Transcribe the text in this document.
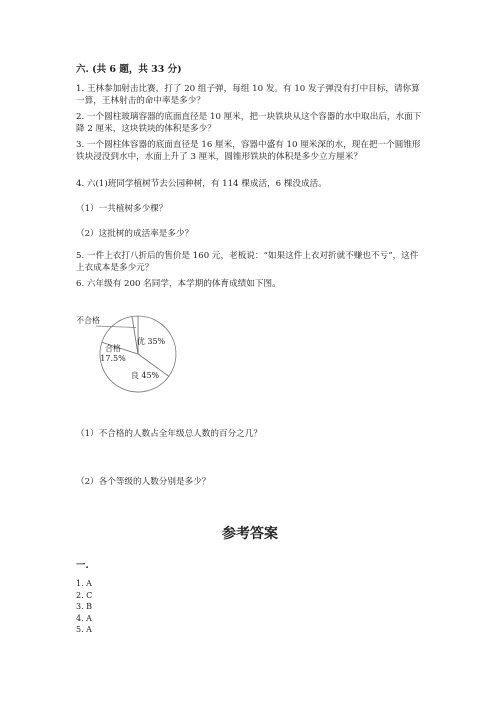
六. (共 6 题，共 33 分)

1. 王林参加射击比赛，打了 20 组子弹，每组 10 发。有 10 发子弹没有打中目标，请你算一算，王林射击的命中率是多少？

2. 一个圆柱玻璃容器的底面直径是 10 厘米，把一块铁块从这个容器的水中取出后，水面下降 2 厘米，这块铁块的体积是多少？

3. 一个圆柱体容器的底面直径是 16 厘米，容器中盛有 10 厘米深的水，现在把一个圆锥形铁块浸没到水中，水面上升了 3 厘米，圆锥形铁块的体积是多少立方厘米？

4. 六(1)班同学植树节去公园种树，有 114 棵成活，6 棵没成活。

（1）一共植树多少棵？

（2）这批树的成活率是多少？

5. 一件上衣打八折后的售价是 160 元，老板说：“如果这件上衣对折就不赚也不亏”，这件上衣成本是多少元？

6. 六年级有 200 名同学，本学期的体育成绩如下图。

优 35%
良 45%
合格
17.5%
不合格

（1）不合格的人数占全年级总人数的百分之几？

（2）各个等级的人数分别是多少？

参考答案

一.

1. A
2. C
3. B
4. A
5. A
